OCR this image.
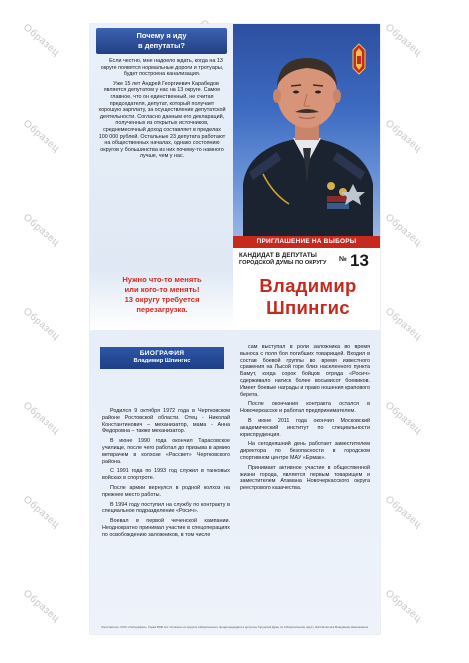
Образец	Образец
Образец	Образец
Образец	Образец
Образец	Образец
Образец	Образец
Образец	Образец
Образец	Образец
Почему я иду
в депутаты?

Если честно, мне надоело ждать, когда на 13 округе появятся нормальные дороги и тротуары, будет построена канализация.

Уже 15 лет Андрей Георгиевич Карабедов является депутатом у нас на 13 округе. Самое главное, что он единственный, не считая председателя, депутат, который получает хорошую зарплату, за осуществление депутатской деятельности. Согласно данным его деклараций, полученных из открытых источников, среднемесячный доход составляет в пределах 100 000 рублей. Остальные 23 депутата работают на общественных началах, однако состоянию округов у большинства из них почему-то намного лучше, чем у нас.

Нужно что-то менять
или кого-то менять!
13 округу требуется
перезагрузка.
ПРИГЛАШЕНИЕ НА ВЫБОРЫ
КАНДИДАТ В ДЕПУТАТЫ
ГОРОДСКОЙ ДУМЫ ПО ОКРУГУ № 13
Владимир
Шпингис
БИОГРАФИЯ
Владимир Шпингис

Родился 9 октября 1972 года в Чертковском районе Ростовской области. Отец - Николай Константинович – механизатор, мама - Анна Федоровна – также механизатор.

В июне 1990 года окончил Тарасовское училище, после чего работал до призыва в армию ветврачем в колхозе «Рассвет» Чертковского района.

С 1991 года по 1993 год служил в танковых войсках в спортроте.

После армии вернулся в родной колхоз на прежнее место работы.

В 1994 году поступил на службу по контракту в специальное подразделение «Росич».

Воевал в первой чеченской кампании. Неоднократно принимал участие в спецоперациях по освобождению заложников, в том числе

сам выступал в роли заложника во время выноса с поля боя погибших товарищей. Входил в состав боевой группы во время известного сражения на Лысой горе близ населенного пункта Бамут, когда сорок бойцов отряда «Росич» сдерживало натиск более восьмисот боевиков. Имеет боевые награды и право ношения крапового берета.

После окончания контракта остался в Новочеркасске и работал предпринимателем.

В июне 2011 года окончил Московский академический институт по специальности юриспруденция.

На сегодняшний день работает заместителем директора по безопасности в городском спортивном центре МАУ «Ермак».

Принимает активное участие в общественной жизни города, является первым товарищем и заместителем Атамана Новочеркасского округа реестрового казачества.

Изготовитель: ООО «Типография». Тираж 5000 экз. Оплачено из средств избирательного фонда кандидата в депутаты Городской Думы по избирательному округу №13 Шпингиса Владимира Николаевича.
